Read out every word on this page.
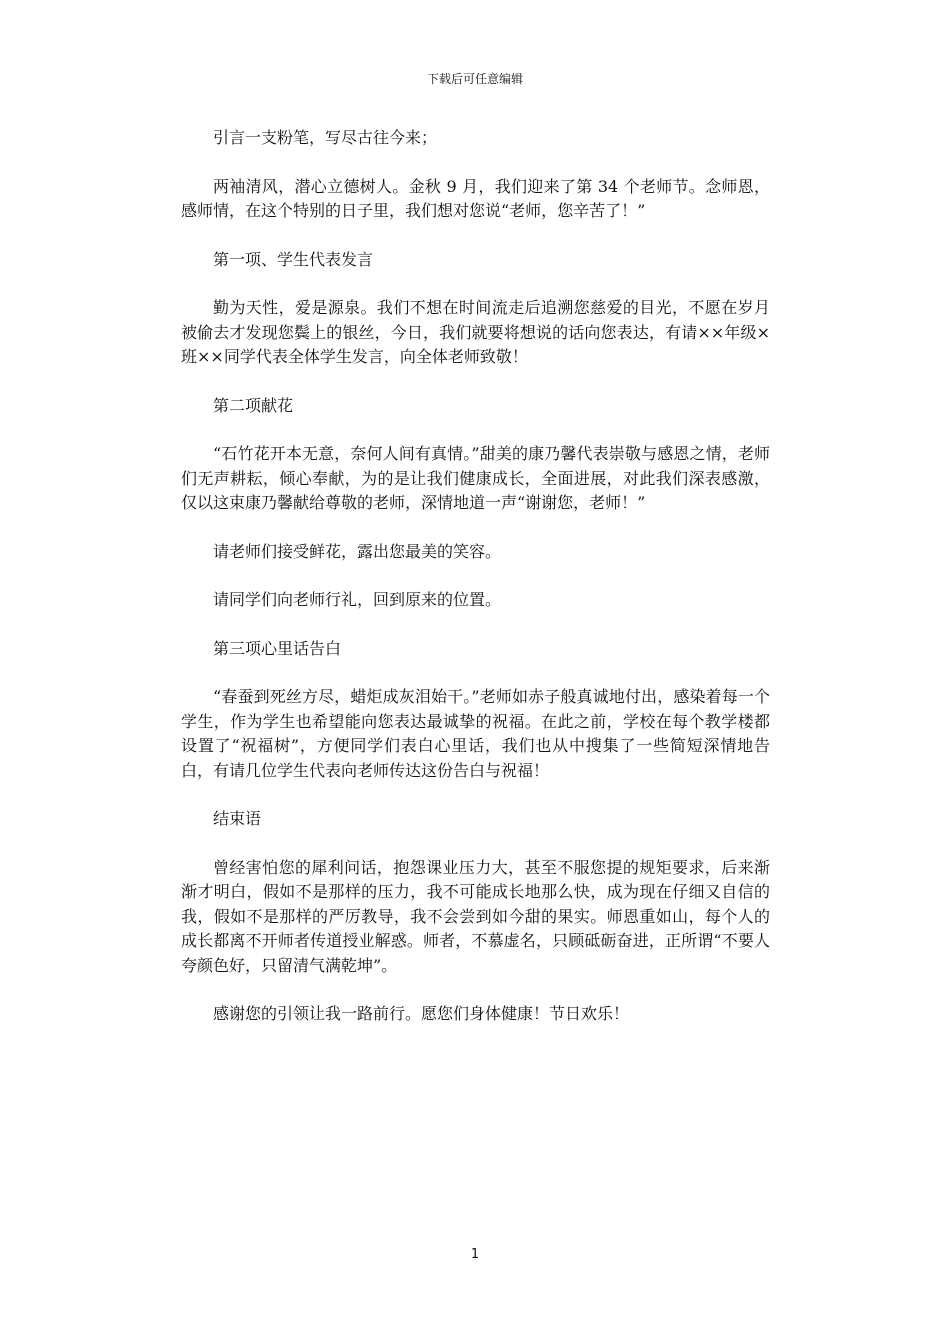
下载后可任意编辑

引言一支粉笔，写尽古往今来；

两袖清风，潜心立德树人。金秋 9 月，我们迎来了第 34 个老师节。念师恩，感师情，在这个特别的日子里，我们想对您说“老师，您辛苦了！”

第一项、学生代表发言

勤为天性，爱是源泉。我们不想在时间流走后追溯您慈爱的目光，不愿在岁月被偷去才发现您鬓上的银丝，今日，我们就要将想说的话向您表达，有请××年级×班××同学代表全体学生发言，向全体老师致敬！

第二项献花

“石竹花开本无意，奈何人间有真情。”甜美的康乃馨代表崇敬与感恩之情，老师们无声耕耘，倾心奉献，为的是让我们健康成长，全面进展，对此我们深表感激，仅以这束康乃馨献给尊敬的老师，深情地道一声“谢谢您，老师！”

请老师们接受鲜花，露出您最美的笑容。

请同学们向老师行礼，回到原来的位置。

第三项心里话告白

“春蚕到死丝方尽，蜡炬成灰泪始干。”老师如赤子般真诚地付出，感染着每一个学生，作为学生也希望能向您表达最诚挚的祝福。在此之前，学校在每个教学楼都设置了“祝福树”，方便同学们表白心里话，我们也从中搜集了一些简短深情地告白，有请几位学生代表向老师传达这份告白与祝福！

结束语

曾经害怕您的犀利问话，抱怨课业压力大，甚至不服您提的规矩要求，后来渐渐才明白，假如不是那样的压力，我不可能成长地那么快，成为现在仔细又自信的我，假如不是那样的严厉教导，我不会尝到如今甜的果实。师恩重如山，每个人的成长都离不开师者传道授业解惑。师者，不慕虚名，只顾砥砺奋进，正所谓“不要人夸颜色好，只留清气满乾坤”。

感谢您的引领让我一路前行。愿您们身体健康！节日欢乐！

1
